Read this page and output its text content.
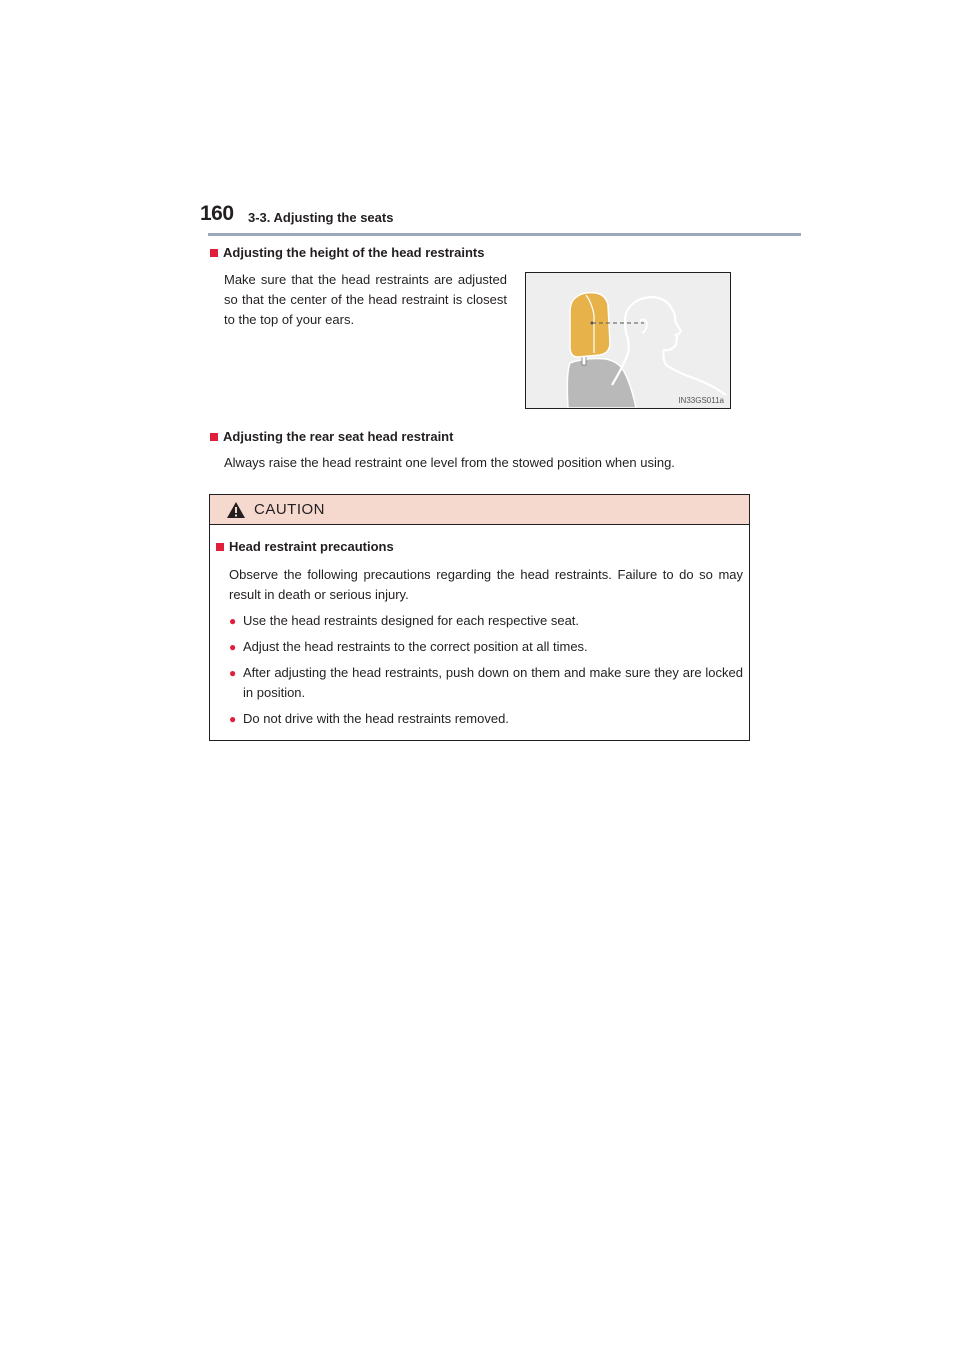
160 3-3. Adjusting the seats
Adjusting the height of the head restraints
Make sure that the head restraints are adjusted so that the center of the head restraint is closest to the top of your ears.
IN33GS011a
Adjusting the rear seat head restraint
Always raise the head restraint one level from the stowed position when using.
CAUTION
Head restraint precautions
Observe the following precautions regarding the head restraints. Failure to do so may result in death or serious injury.
● Use the head restraints designed for each respective seat.
● Adjust the head restraints to the correct position at all times.
● After adjusting the head restraints, push down on them and make sure they are locked in position.
● Do not drive with the head restraints removed.
